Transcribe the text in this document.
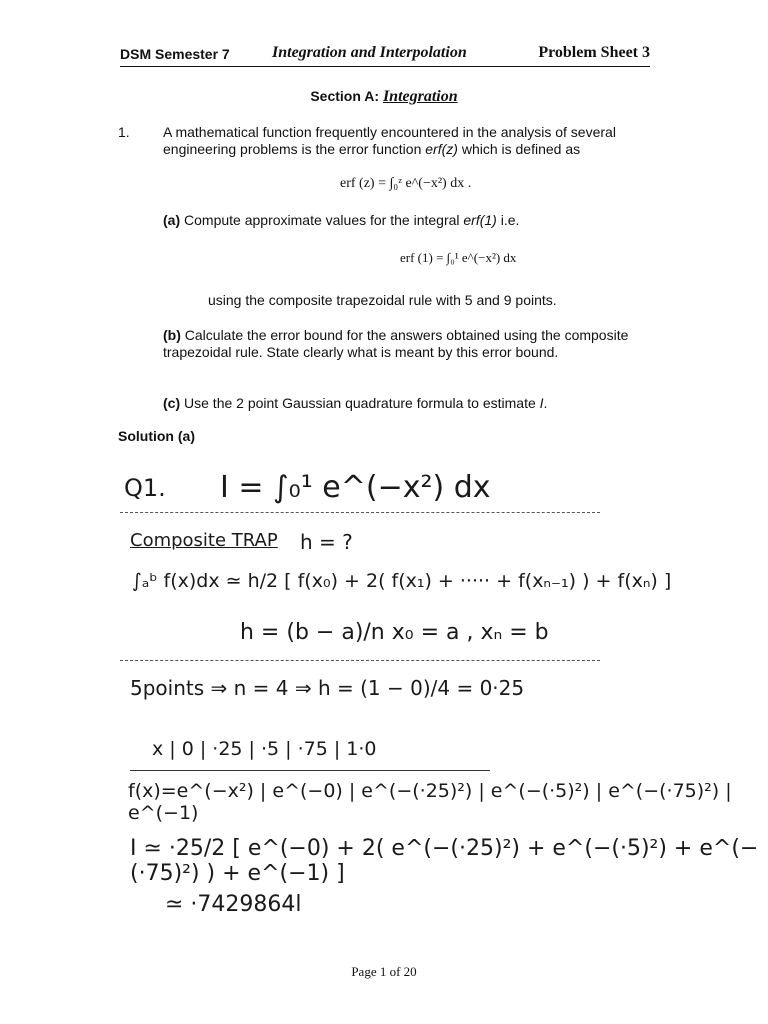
DSM Semester 7	Integration and Interpolation	Problem Sheet 3
Section A: Integration
1. A mathematical function frequently encountered in the analysis of several engineering problems is the error function erf(z) which is defined as
erf (z) = ∫₀ᶻ e^(−x²) dx .
(a) Compute approximate values for the integral erf(1) i.e.
erf (1) = ∫₀¹ e^(−x²) dx
using the composite trapezoidal rule with 5 and 9 points.
(b) Calculate the error bound for the answers obtained using the composite trapezoidal rule. State clearly what is meant by this error bound.
(c) Use the 2 point Gaussian quadrature formula to estimate I.
Solution (a)
Q1. I = ∫₀¹ e^(−x²) dx
Composite TRAP h = ?
∫ₐᵇ f(x)dx ≃ h/2 [ f(x₀) + 2( f(x₁) + ····· + f(xₙ₋₁) ) + f(xₙ) ]
h = (b − a)/n x₀ = a , xₙ = b
5points ⇒ n = 4 ⇒ h = (1 − 0)/4 = 0·25
x | 0 | ·25 | ·5 | ·75 | 1·0
f(x)=e^(−x²) | e^(−0) | e^(−(·25)²) | e^(−(·5)²) | e^(−(·75)²) | e^(−1)
I ≃ ·25/2 [ e^(−0) + 2( e^(−(·25)²) + e^(−(·5)²) + e^(−(·75)²) ) + e^(−1) ]
≃ ·7429864l
Page 1 of 20
